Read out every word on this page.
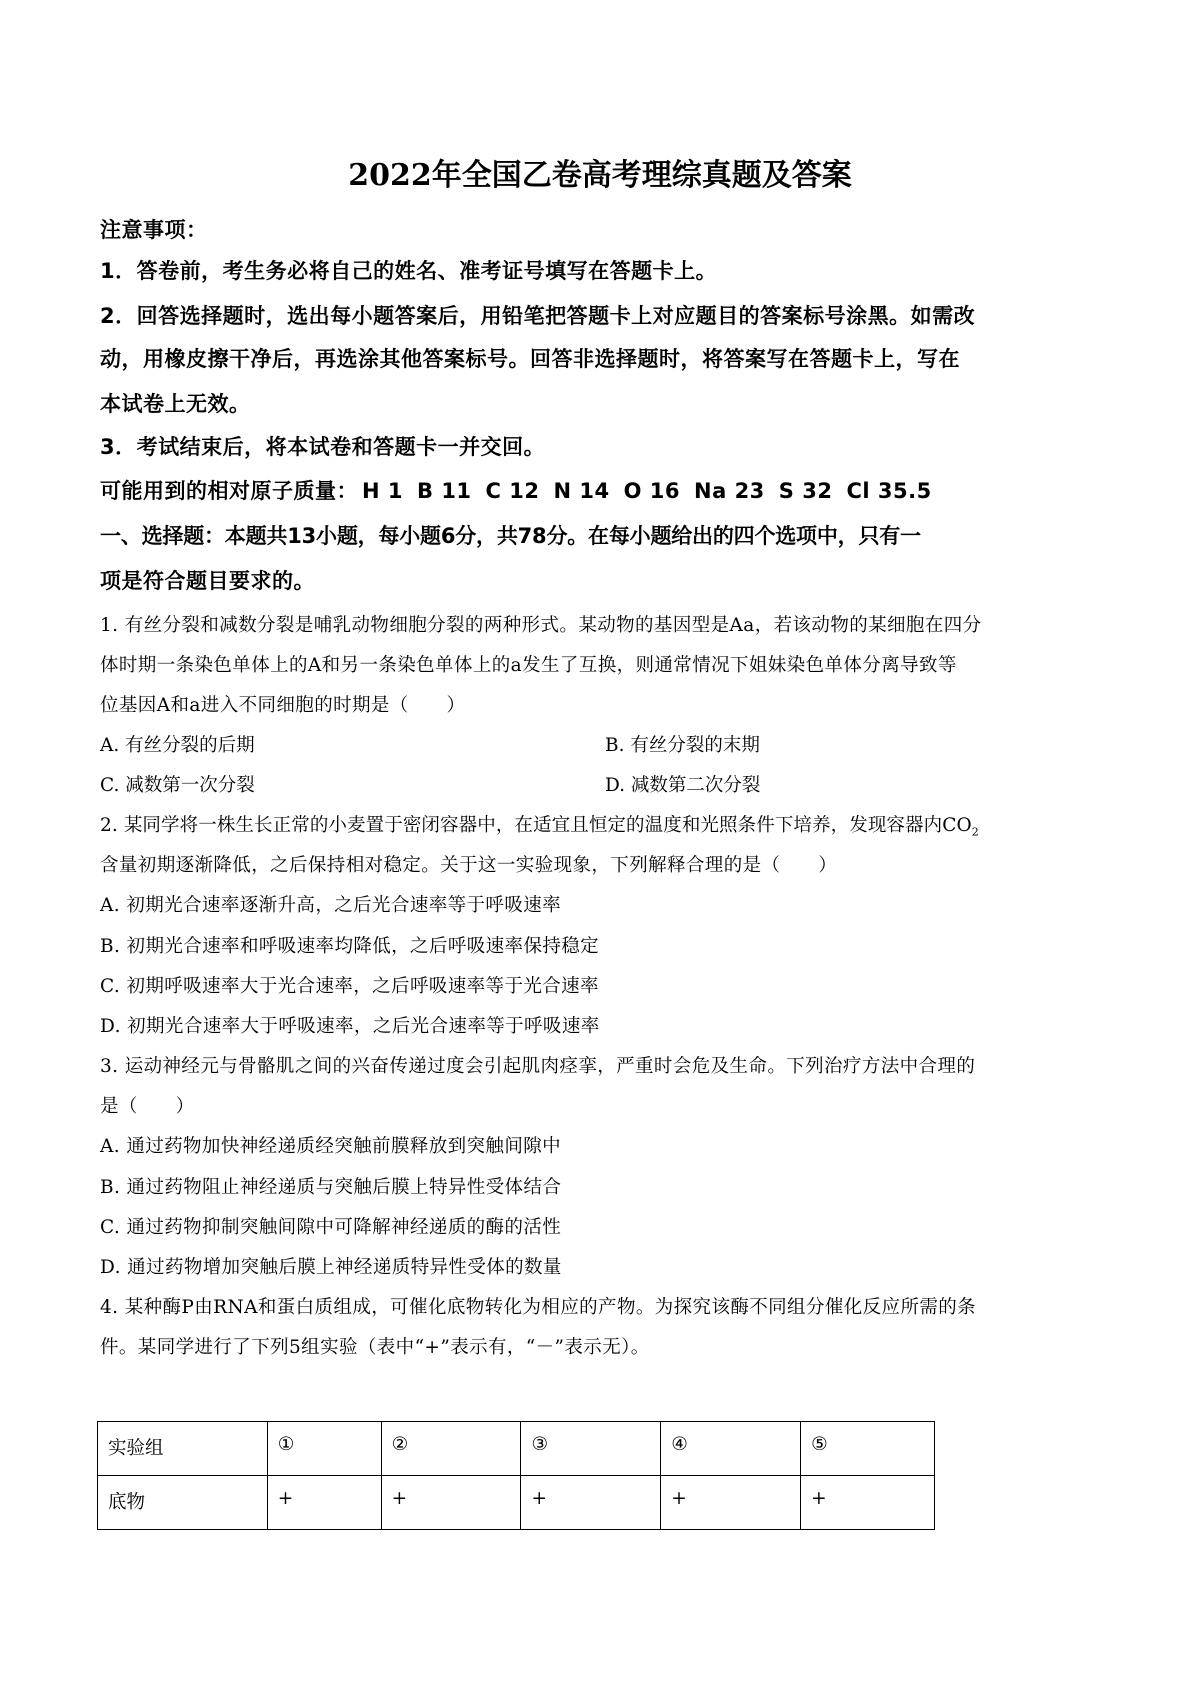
2022年全国乙卷高考理综真题及答案
注意事项：
1．答卷前，考生务必将自己的姓名、准考证号填写在答题卡上。
2．回答选择题时，选出每小题答案后，用铅笔把答题卡上对应题目的答案标号涂黑。如需改
动，用橡皮擦干净后，再选涂其他答案标号。回答非选择题时，将答案写在答题卡上，写在
本试卷上无效。
3．考试结束后，将本试卷和答题卡一并交回。
可能用到的相对原子质量： H 1 B 11 C 12 N 14 O 16 Na 23 S 32 Cl 35.5
一、选择题：本题共13小题，每小题6分，共78分。在每小题给出的四个选项中，只有一
项是符合题目要求的。
1. 有丝分裂和减数分裂是哺乳动物细胞分裂的两种形式。某动物的基因型是Aa，若该动物的某细胞在四分
体时期一条染色单体上的A和另一条染色单体上的a发生了互换，则通常情况下姐妹染色单体分离导致等
位基因A和a进入不同细胞的时期是（　　）
A. 有丝分裂的后期	B. 有丝分裂的末期
C. 减数第一次分裂	D. 减数第二次分裂
2. 某同学将一株生长正常的小麦置于密闭容器中，在适宜且恒定的温度和光照条件下培养，发现容器内$CO_2$
含量初期逐渐降低，之后保持相对稳定。关于这一实验现象，下列解释合理的是（　　）
A. 初期光合速率逐渐升高，之后光合速率等于呼吸速率
B. 初期光合速率和呼吸速率均降低，之后呼吸速率保持稳定
C. 初期呼吸速率大于光合速率，之后呼吸速率等于光合速率
D. 初期光合速率大于呼吸速率，之后光合速率等于呼吸速率
3. 运动神经元与骨骼肌之间的兴奋传递过度会引起肌肉痉挛，严重时会危及生命。下列治疗方法中合理的
是（　　）
A. 通过药物加快神经递质经突触前膜释放到突触间隙中
B. 通过药物阻止神经递质与突触后膜上特异性受体结合
C. 通过药物抑制突触间隙中可降解神经递质的酶的活性
D. 通过药物增加突触后膜上神经递质特异性受体的数量
4. 某种酶P由RNA和蛋白质组成，可催化底物转化为相应的产物。为探究该酶不同组分催化反应所需的条
件。某同学进行了下列5组实验（表中“+”表示有，“－”表示无）。
实验组	①	②	③	④	⑤
底物	+	+	+	+	+
